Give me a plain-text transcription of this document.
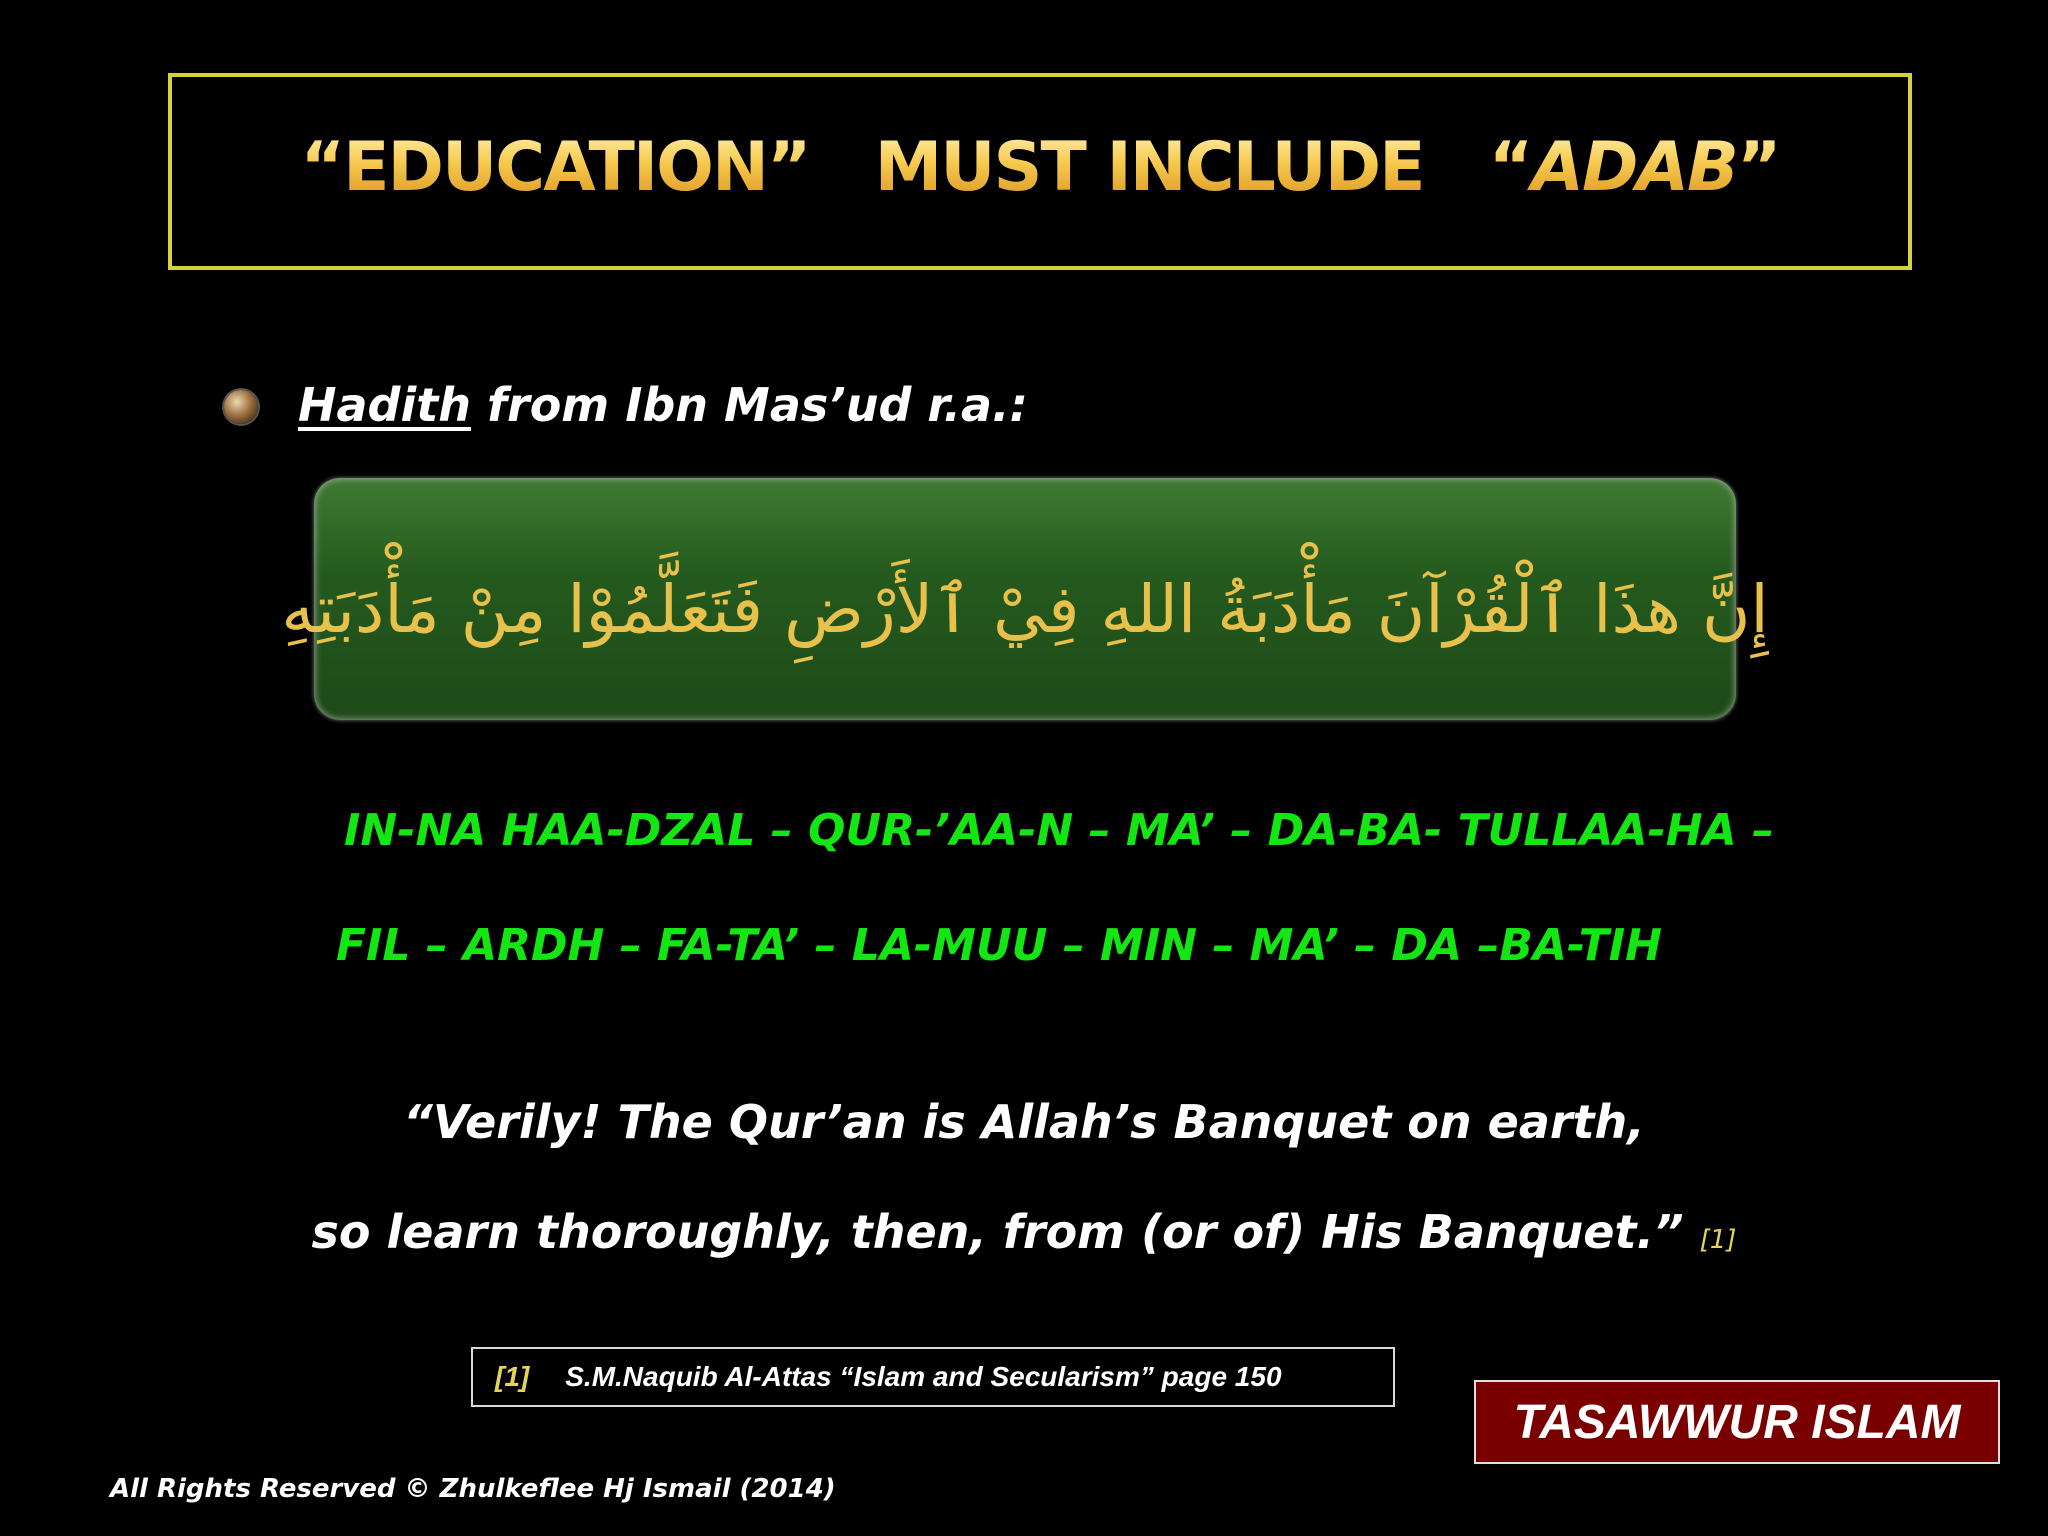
“EDUCATION”   MUST INCLUDE   “ADAB”
Hadith from Ibn Mas’ud r.a.:
إِنَّ هذَا ٱلْقُرْآنَ مَأْدَبَةُ اللهِ فِيْ ٱلأَرْضِ فَتَعَلَّمُوْا مِنْ مَأْدَبَتِهِ
IN-NA HAA-DZAL – QUR-’AA-N – MA’ – DA-BA- TULLAA-HA –
FIL – ARDH – FA-TA’ – LA-MUU – MIN – MA’ – DA –BA-TIH
“Verily! The Qur’an is Allah’s Banquet on earth,
so learn thoroughly, then, from (or of) His Banquet.” [1]
[1] S.M.Naquib Al-Attas “Islam and Secularism” page 150
TASAWWUR ISLAM
All Rights Reserved © Zhulkeflee Hj Ismail (2014)
